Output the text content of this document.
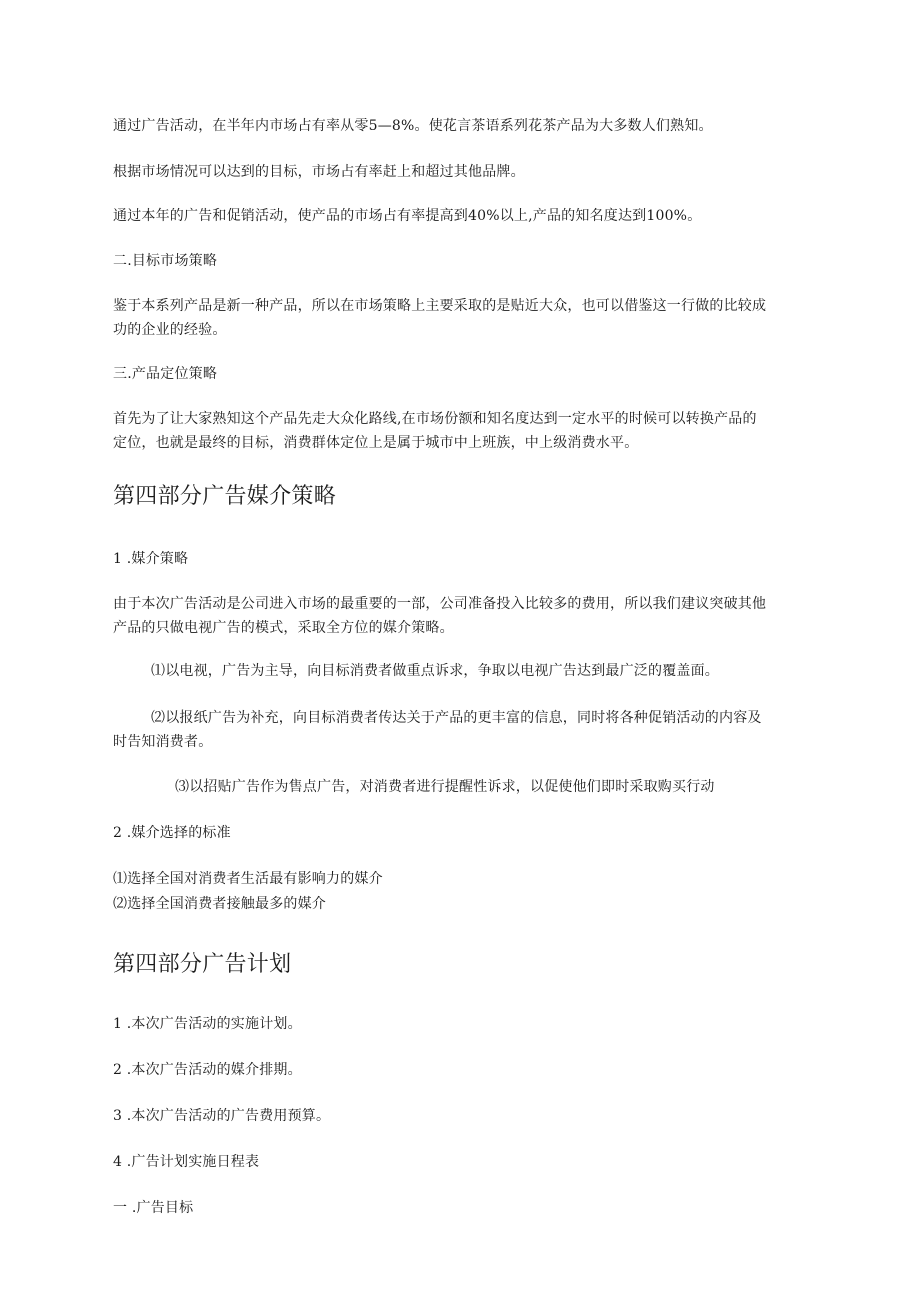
通过广告活动，在半年内市场占有率从零5—8%。使花言茶语系列花茶产品为大多数人们熟知。
根据市场情况可以达到的目标，市场占有率赶上和超过其他品牌。
通过本年的广告和促销活动，使产品的市场占有率提高到40%以上,产品的知名度达到100%。
二.目标市场策略
鉴于本系列产品是新一种产品，所以在市场策略上主要采取的是贴近大众，也可以借鉴这一行做的比较成
功的企业的经验。
三.产品定位策略
首先为了让大家熟知这个产品先走大众化路线,在市场份额和知名度达到一定水平的时候可以转换产品的
定位，也就是最终的目标，消费群体定位上是属于城市中上班族，中上级消费水平。
第四部分广告媒介策略
1 .媒介策略
由于本次广告活动是公司进入市场的最重要的一部，公司准备投入比较多的费用，所以我们建议突破其他
产品的只做电视广告的模式，采取全方位的媒介策略。
⑴以电视，广告为主导，向目标消费者做重点诉求，争取以电视广告达到最广泛的覆盖面。
⑵以报纸广告为补充，向目标消费者传达关于产品的更丰富的信息，同时将各种促销活动的内容及
时告知消费者。
⑶以招贴广告作为售点广告，对消费者进行提醒性诉求，以促使他们即时采取购买行动
2 .媒介选择的标准
⑴选择全国对消费者生活最有影响力的媒介
⑵选择全国消费者接触最多的媒介
第四部分广告计划
1 .本次广告活动的实施计划。
2 .本次广告活动的媒介排期。
3 .本次广告活动的广告费用预算。
4 .广告计划实施日程表
一 .广告目标
